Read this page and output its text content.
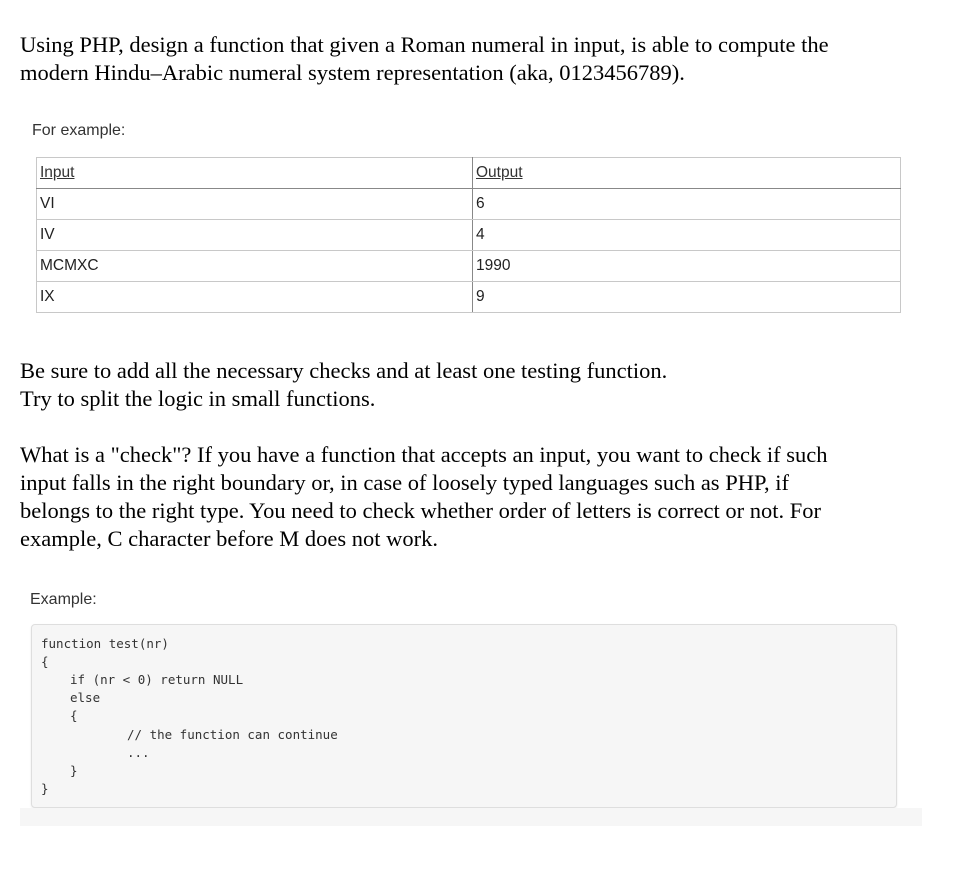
Using PHP, design a function that given a Roman numeral in input, is able to compute the
modern Hindu–Arabic numeral system representation (aka, 0123456789).

For example:

Input	Output
VI	6
IV	4
MCMXC	1990
IX	9
Be sure to add all the necessary checks and at least one testing function.
Try to split the logic in small functions.
What is a "check"? If you have a function that accepts an input, you want to check if such
input falls in the right boundary or, in case of loosely typed languages such as PHP, if
belongs to the right type. You need to check whether order of letters is correct or not. For
example, C character before M does not work.

Example:

function test(nr)
{
if (nr < 0) return NULL
else
{
// the function can continue
...
}
}
